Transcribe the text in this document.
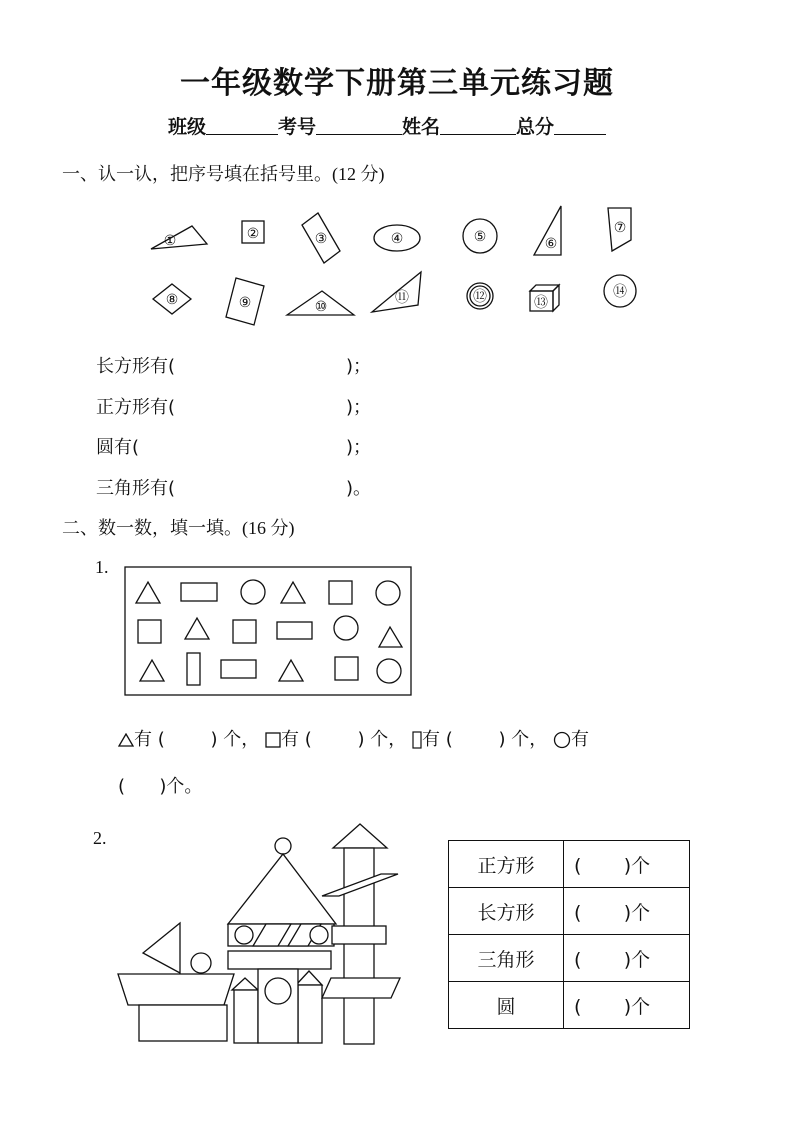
一年级数学下册第三单元练习题
班级	考号	姓名	总分
一、认一认，把序号填在括号里。(12 分)
①	②	③	④	⑤	⑥
⑦
⑧	⑨	⑩
⑪	⑫	⑬
⑭
长方形有(	)；
正方形有(	)；
圆有(	)；
三角形有(	)。
二、数一数，填一填。(16 分)
1.
有 (        ) 个， 有 (        ) 个， 有 (        ) 个， 有
(      )个。
2.
正方形	(       )个
长方形	(       )个
三角形	(       )个
圆	(       )个
